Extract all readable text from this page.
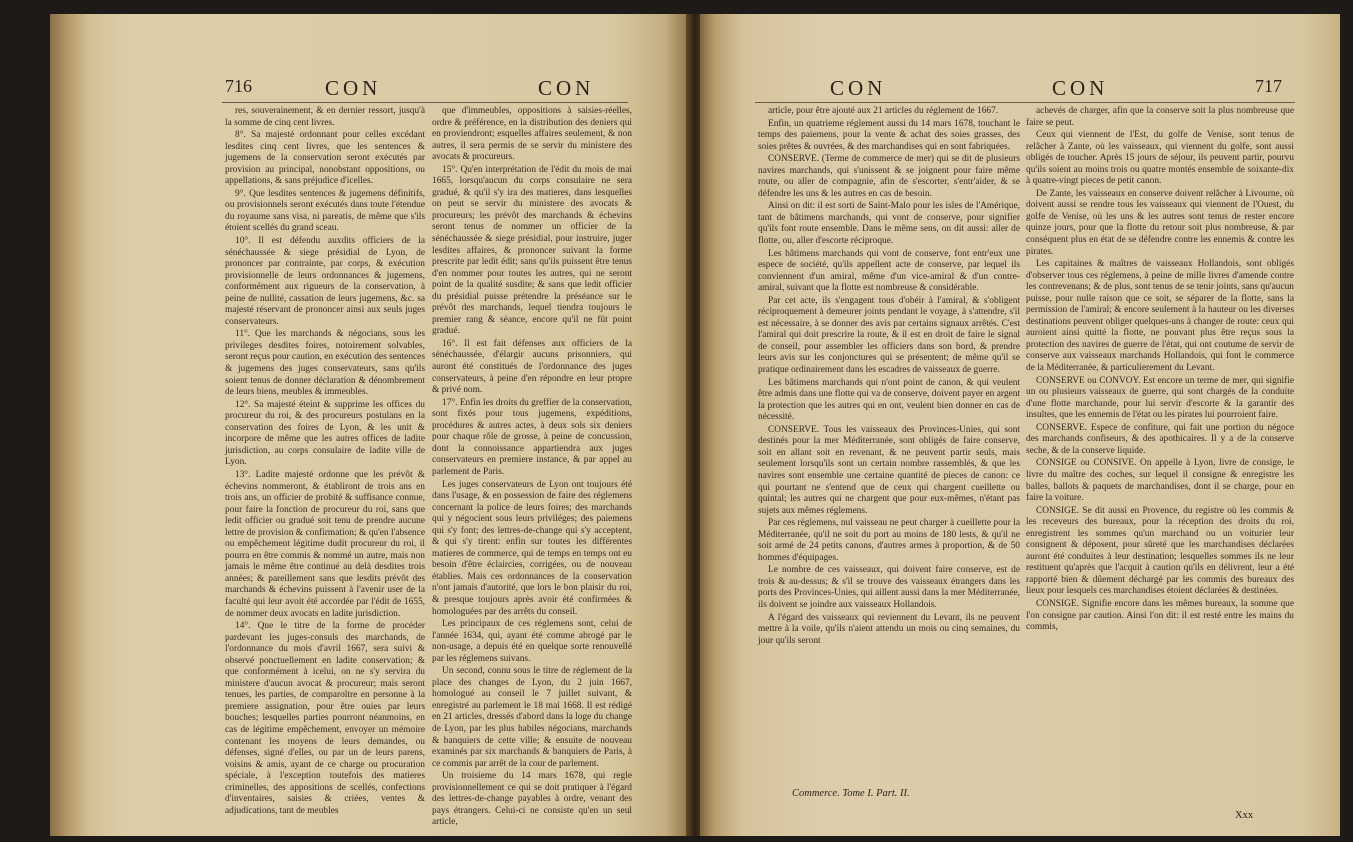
716	CON	CON

res, souverainement, & en dernier ressort, jusqu'à la somme de cinq cent livres.

8°. Sa majesté ordonnant pour celles excédant lesdites cinq cent livres, que les sentences & jugemens de la conservation seront exécutés par provision au principal, nonobstant oppositions, ou appellations, & sans préjudice d'icelles.

9°. Que lesdites sentences & jugemens définitifs, ou provisionnels seront exécutés dans toute l'étendue du royaume sans visa, ni pareatis, de même que s'ils étoient scellés du grand sceau.

10°. Il est défendu auxdits officiers de la sénéchaussée & siege présidial de Lyon, de prononcer par contrainte, par corps, & exécution provisionnelle de leurs ordonnances & jugemens, conformément aux rigueurs de la conservation, à peine de nullité, cassation de leurs jugemens, &c. sa majesté réservant de prononcer ainsi aux seuls juges conservateurs.

11°. Que les marchands & négocians, sous les privileges desdites foires, notoirement solvables, seront reçus pour caution, en exécution des sentences & jugemens des juges conservateurs, sans qu'ils soient tenus de donner déclaration & dénombrement de leurs biens, meubles & immeubles.

12°. Sa majesté éteint & supprime les offices du procureur du roi, & des procureurs postulans en la conservation des foires de Lyon, & les unit & incorpore de même que les autres offices de ladite jurisdiction, au corps consulaire de ladite ville de Lyon.

13°. Ladite majesté ordonne que les prévôt & échevins nommeront, & établiront de trois ans en trois ans, un officier de probité & suffisance connue, pour faire la fonction de procureur du roi, sans que ledit officier ou gradué soit tenu de prendre aucune lettre de provision & confirmation; & qu'en l'absence ou empêchement légitime dudit procureur du roi, il pourra en être commis & nommé un autre, mais non jamais le même être continué au delà desdites trois années; & pareillement sans que lesdits prévôt des marchands & échevins puissent à l'avenir user de la faculté qui leur avoit été accordée par l'édit de 1655, de nommer deux avocats en ladite jurisdiction.

14°. Que le titre de la forme de procéder pardevant les juges-consuls des marchands, de l'ordonnance du mois d'avril 1667, sera suivi & observé ponctuellement en ladite conservation; & que conformément à icelui, on ne s'y servira du ministere d'aucun avocat & procureur; mais seront tenues, les parties, de comparoître en personne à la premiere assignation, pour être ouies par leurs bouches; lesquelles parties pourront néanmoins, en cas de légitime empêchement, envoyer un mémoire contenant les moyens de leurs demandes, ou défenses, signé d'elles, ou par un de leurs parens, voisins & amis, ayant de ce charge ou procuration spéciale, à l'exception toutefois des matieres criminelles, des appositions de scellés, confections d'inventaires, saisies & criées, ventes & adjudications, tant de meubles

que d'immeubles, oppositions à saisies-réelles, ordre & préférence, en la distribution des deniers qui en proviendront; esquelles affaires seulement, & non autres, il sera permis de se servir du ministere des avocats & procureurs.

15°. Qu'en interprétation de l'édit du mois de mai 1665, lorsqu'aucun du corps consulaire ne sera gradué, & qu'il s'y ira des matieres, dans lesquelles on peut se servir du ministere des avocats & procureurs; les prévôt des marchands & échevins seront tenus de nommer un officier de la sénéchaussée & siege présidial, pour instruire, juger lesdites affaires, & prononcer suivant la forme prescrite par ledit édit; sans qu'ils puissent être tenus d'en nommer pour toutes les autres, qui ne seront point de la qualité susdite; & sans que ledit officier du présidial puisse prétendre la préséance sur le prévôt des marchands, lequel tiendra toujours le premier rang & séance, encore qu'il ne fût point gradué.

16°. Il est fait défenses aux officiers de la sénéchaussée, d'élargir aucuns prisonniers, qui auront été constitués de l'ordonnance des juges conservateurs, à peine d'en répondre en leur propre & privé nom.

17°. Enfin les droits du greffier de la conservation, sont fixés pour tous jugemens, expéditions, procédures & autres actes, à deux sols six deniers pour chaque rôle de grosse, à peine de concussion, dont la connoissance appartiendra aux juges conservateurs en premiere instance, & par appel au parlement de Paris.

Les juges conservateurs de Lyon ont toujours été dans l'usage, & en possession de faire des réglemens concernant la police de leurs foires; des marchands qui y négocient sous leurs priviléges; des paiemens qui s'y font; des lettres-de-change qui s'y acceptent, & qui s'y tirent: enfin sur toutes les différentes matieres de commerce, qui de temps en temps ont eu besoin d'être éclaircies, corrigées, ou de nouveau établies. Mais ces ordonnances de la conservation n'ont jamais d'autorité, que lors le bon plaisir du roi, & presque toujours après avoir été confirmées & homologuées par des arrêts du conseil.

Les principaux de ces réglemens sont, celui de l'année 1634, qui, ayant été comme abrogé par le non-usage, a depuis été en quelque sorte renouvellé par les réglemens suivans.

Un second, connu sous le titre de réglement de la place des changes de Lyon, du 2 juin 1667, homologué au conseil le 7 juillet suivant, & enregistré au parlement le 18 mai 1668. Il est rédigé en 21 articles, dressés d'abord dans la loge du change de Lyon, par les plus habiles négocians, marchands & banquiers de cette ville; & ensuite de nouveau examinés par six marchands & banquiers de Paris, à ce commis par arrêt de la cour de parlement.

Un troisieme du 14 mars 1678, qui regle provisionnellement ce qui se doit pratiquer à l'égard des lettres-de-change payables à ordre, venant des pays étrangers. Celui-ci ne consiste qu'en un seul article,

CON	CON	717

article, pour être ajouté aux 21 articles du réglement de 1667.

Enfin, un quatrieme réglement aussi du 14 mars 1678, touchant le temps des paiemens, pour la vente & achat des soies grasses, des soies prêtes & ouvrées, & des marchandises qui en sont fabriquées.

CONSERVE. (Terme de commerce de mer) qui se dit de plusieurs navires marchands, qui s'unissent & se joignent pour faire même route, ou aller de compagnie, afin de s'escorter, s'entr'aider, & se défendre les uns & les autres en cas de besoin.

Ainsi on dit: il est sorti de Saint-Malo pour les isles de l'Amérique, tant de bâtimens marchands, qui vont de conserve, pour signifier qu'ils font route ensemble. Dans le même sens, on dit aussi: aller de flotte, ou, aller d'escorte réciproque.

Les bâtimens marchands qui vont de conserve, font entr'eux une espece de société, qu'ils appellent acte de conserve, par lequel ils conviennent d'un amiral, même d'un vice-amiral & d'un contre-amiral, suivant que la flotte est nombreuse & considérable.

Par cet acte, ils s'engagent tous d'obéir à l'amiral, & s'obligent réciproquement à demeurer joints pendant le voyage, à s'attendre, s'il est nécessaire, à se donner des avis par certains signaux arrêtés. C'est l'amiral qui doit prescrire la route, & il est en droit de faire le signal de conseil, pour assembler les officiers dans son bord, & prendre leurs avis sur les conjonctures qui se présentent; de même qu'il se pratique ordinairement dans les escadres de vaisseaux de guerre.

Les bâtimens marchands qui n'ont point de canon, & qui veulent être admis dans une flotte qui va de conserve, doivent payer en argent la protection que les autres qui en ont, veulent bien donner en cas de nécessité.

CONSERVE. Tous les vaisseaux des Provinces-Unies, qui sont destinés pour la mer Méditerranée, sont obligés de faire conserve, soit en allant soit en revenant, & ne peuvent partir seuls, mais seulement lorsqu'ils sont un certain nombre rassemblés, & que les navires sont ensemble une certaine quantité de pieces de canon: ce qui pourtant ne s'entend que de ceux qui chargent cueillette ou quintal; les autres qui ne chargent que pour eux-mêmes, n'étant pas sujets aux mêmes réglemens.

Par ces réglemens, nul vaisseau ne peut charger à cueillette pour la Méditerranée, qu'il ne soit du port au moins de 180 lests, & qu'il ne soit armé de 24 petits canons, d'autres armes à proportion, & de 50 hommes d'équipages.

Le nombre de ces vaisseaux, qui doivent faire conserve, est de trois & au-dessus; & s'il se trouve des vaisseaux étrangers dans les ports des Provinces-Unies, qui aillent aussi dans la mer Méditerranée, ils doivent se joindre aux vaisseaux Hollandois.

A l'égard des vaisseaux qui reviennent du Levant, ils ne peuvent mettre à la voile, qu'ils n'aient attendu un mois ou cinq semaines, du jour qu'ils seront

Commerce. Tome I. Part. II.

achevés de charger, afin que la conserve soit la plus nombreuse que faire se peut.

Ceux qui viennent de l'Est, du golfe de Venise, sont tenus de relâcher à Zante, où les vaisseaux, qui viennent du golfe, sont aussi obligés de toucher. Après 15 jours de séjour, ils peuvent partir, pourvu qu'ils soient au moins trois ou quatre montés ensemble de soixante-dix à quatre-vingt pieces de petit canon.

De Zante, les vaisseaux en conserve doivent relâcher à Livourne, où doivent aussi se rendre tous les vaisseaux qui viennent de l'Ouest, du golfe de Venise, où les uns & les autres sont tenus de rester encore quinze jours, pour que la flotte du retour soit plus nombreuse, & par conséquent plus en état de se défendre contre les ennemis & contre les pirates.

Les capitaines & maîtres de vaisseaux Hollandois, sont obligés d'observer tous ces réglemens, à peine de mille livres d'amende contre les contrevenans; & de plus, sont tenus de se tenir joints, sans qu'aucun puisse, pour nulle raison que ce soit, se séparer de la flotte, sans la permission de l'amiral; & encore seulement à la hauteur ou les diverses destinations peuvent obliger quelques-uns à changer de route: ceux qui auroient ainsi quitté la flotte, ne pouvant plus être reçus sous la protection des navires de guerre de l'état, qui ont coutume de servir de conserve aux vaisseaux marchands Hollandois, qui font le commerce de la Méditerranée, & particulierement du Levant.

CONSERVE ou CONVOY. Est encore un terme de mer, qui signifie un ou plusieurs vaisseaux de guerre, qui sont chargés de la conduite d'une flotte marchande, pour lui servir d'escorte & la garantir des insultes, que les ennemis de l'état ou les pirates lui pourroient faire.

CONSERVE. Espece de confiture, qui fait une portion du négoce des marchands confiseurs, & des apothicaires. Il y a de la conserve seche, & de la conserve liquide.

CONSIGE ou CONSIVE. On appelle à Lyon, livre de consige, le livre du maître des coches, sur lequel il consigne & enregistre les balles, ballots & paquets de marchandises, dont il se charge, pour en faire la voiture.

CONSIGE. Se dit aussi en Provence, du registre où les commis & les receveurs des bureaux, pour la réception des droits du roi, enregistrent les sommes qu'un marchand ou un voiturier leur consignent & déposent, pour sûreté que les marchandises déclarées auront été conduites à leur destination; lesquelles sommes ils ne leur restituent qu'après que l'acquit à caution qu'ils en délivrent, leur a été rapporté bien & dûement déchargé par les commis des bureaux des lieux pour lesquels ces marchandises étoient déclarées & destinées.

CONSIGE. Signifie encore dans les mêmes bureaux, la somme que l'on consigne par caution. Ainsi l'on dit: il est resté entre les mains du commis,

Xxx
